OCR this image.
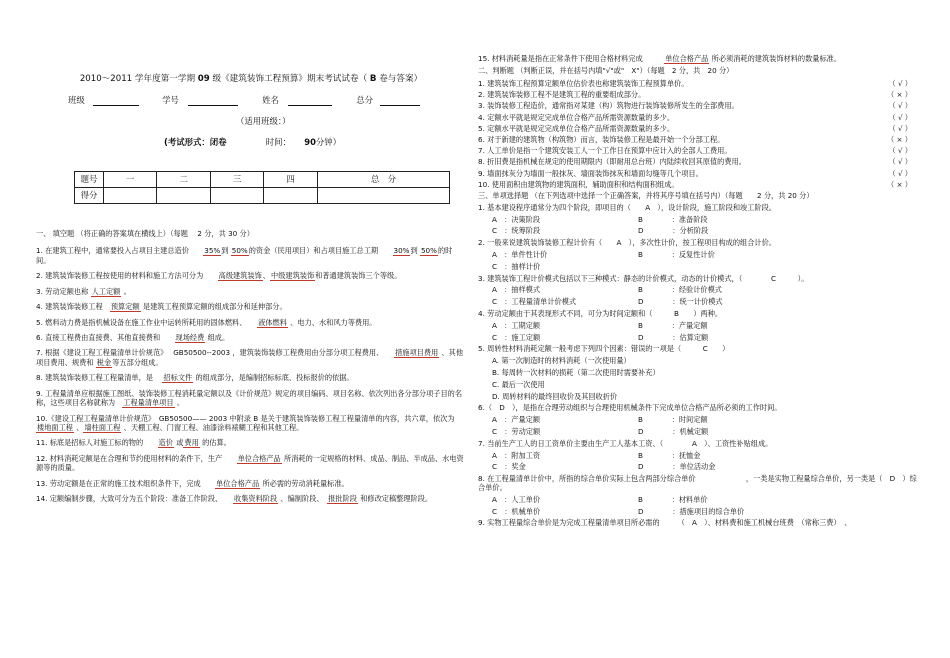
2010～2011 学年度第一学期 09 级《建筑装饰工程预算》期末考试试卷（ B 卷与答案）
班级	学号	姓名	总分
（适用班级：）
(考试形式：闭卷	时间： 90分钟）
题号	一	二	三	四	总　分
得分					

一、 填空题 （将正确的答案填在横线上）（每题　 2 分，共 30 分）

1. 在建筑工程中，通常要投入占项目主建总造价　　35%到 50%的资金（民用项目）和占项目施工总工期　　30%到 50%的时间。

2. 建筑装饰装修工程按使用的材料和施工方法可分为　　高级建筑装饰、中级建筑装饰和普通建筑装饰三个等级。

3. 劳动定额也称 人工定额 。

4. 建筑装饰装修工程　预算定额 是建筑工程预算定额的组成部分和延伸部分。

5. 燃料动力费是指机械设备在施工作业中运转所耗用的固体燃料、　　液体燃料 、电力、水和风力等费用。

6. 直接工程费由直接费、其他直接费和　　现场经费 组成。

7. 根据《建设工程工程量清单计价规范》　 GB50500--2003 ，建筑装饰装修工程费用由分部分项工程费用、　　措施项目费用 、其他项目费用、规费和 税金等五部分组成。

8. 建筑装饰装修工程工程量清单，是 　招标文件 的组成部分，是编制招标标底、投标报价的依据。

9. 工程量清单应根据施工图纸、装饰装修工程消耗量定额以及《计价规范》规定的项目编码、项目名称、依次列出各分部分项子目的名称，这些项目名称就称为　工程量清单项目 。

10.《建设工程工程量清单计价规范》　GB50500—— 2003 中附录 B 是关于建筑装饰装修工程工程量清单的内容，共六章，依次为　楼地面工程 、墙柱面工程 、天棚工程、门窗工程、油漆涂料裱糊工程和其他工程。

11. 标底是招标人对施工标的物的　　造价 或费用 的估算。

12. 材料消耗定额是在合理和节约使用材料的条件下，生产　　单位合格产品 所消耗的一定规格的材料、成品、制品、半成品、水电资源等的质量。

13. 劳动定额是在正常的施工技术组织条件下，完成　　单位合格产品 所必需的劳动消耗量标准。

14. 定额编制步骤，大致可分为五个阶段：准备工作阶段、　　收集资料阶段 、编制阶段、　报批阶段 和修改定稿整理阶段。

15. 材料消耗量是指在正常条件下使用合格材料完成　　　单位合格产品 所必须消耗的建筑装饰材料的数量标准。

二、判断题 （判断正误，并在括号内填"√"或"　X"）（每题　2 分，共　20 分）

1. 建筑装饰工程预算定额单位估价表也称建筑装饰工程预算单价。	（ √ ）

2. 建筑装饰装修工程不是建筑工程的重要组成部分。	（ × ）

3. 装饰装修工程造价，通常指对某建（构）筑物进行装饰装修所发生的全部费用。	（ √ ）

4. 定额水平就是规定完成单位合格产品所需资源数量的多少。	（ √ ）

5. 定额水平就是规定完成单位合格产品所需资源数量的多少。	（ √ ）

6. 对于新建的建筑物（构筑物）而言，装饰装修工程是最开始一个分部工程。	（ × ）

7. 人工单价是指一个建筑安装工人一个工作日在预算中应计入的全部人工费用。	（ √ ）

8. 折旧费是指机械在规定的使用期限内（即耐用总台班）内陆续收回其原值的费用。	（ √ ）

9. 墙面抹灰分为墙面一般抹灰、墙面装饰抹灰和墙面勾缝等几个项目。	（ √ ）

10. 使用面积由建筑物的建筑面积，辅助面积和结构面积组成。	（ × ）

三、单项选择题 （在下列选项中选择一个正确答案，并将其序号填在括号内）（每题　　2 分，共 20 分）

1. 基本建设程序通常分为四个阶段，即项目的（　　A　），设计阶段，施工阶段和竣工阶段。

A　：决策阶段	B　　　　：准备阶段
C　：统筹阶段	D　　　　：分析阶段

2. 一般来说建筑装饰装修工程计价有（　　A　），多次性计价，按工程项目构成的组合计价。

A　：单件性计价	B　　　　：反复性计价
C　：抽样计价

3. 建筑装饰工程计价模式包括以下三种模式：静态的计价模式，动态的计价模式，（　　　　C　　　）。

A　：抽样模式	B　　　　：经验计价模式
C　：工程量清单计价模式	D　　　　：统一计价模式

4. 劳动定额由于其表现形式不同，可分为时间定额和（　　　B　　）两种。

A　：工期定额	B　　　　：产量定额
C　：施工定额	D　　　　：估算定额

5. 周转性材料消耗定额一般考虑下列四个因素：错误的一项是（　　　C　　）

A. 第一次制造时的材料消耗（一次使用量）

B. 每周转一次材料的损耗（第二次使用时需要补充）

C. 最后一次使用

D. 周转材料的最终回收价及其回收折价

6.（　D　），是指在合理劳动组织与合理使用机械条件下完成单位合格产品所必须的工作时间。

A　：产量定额	B　　　　：时间定额
C　：劳动定额	D　　　　：机械定额

7. 当前生产工人的日工资单价主要由生产工人基本工资、（　　　　A　）、工资性补贴组成。

A　：附加工资	B　　　　：抚恤金
C　：奖金	D　　　　：单位活动金

8. 在工程量清单计价中，所指的综合单价实际上包含两部分综合单价　　　　　　　，一类是实物工程量综合单价，另一类是（　D　）综合单价。

A　：人工单价	B　　　　：材料单价
C　：机械单价	D　　　　：措施项目的综合单价

9. 实物工程量综合单价是为完成工程量清单项目所必需的　　　（　A　）、材料费和施工机械台班费　（常称三费）　、
